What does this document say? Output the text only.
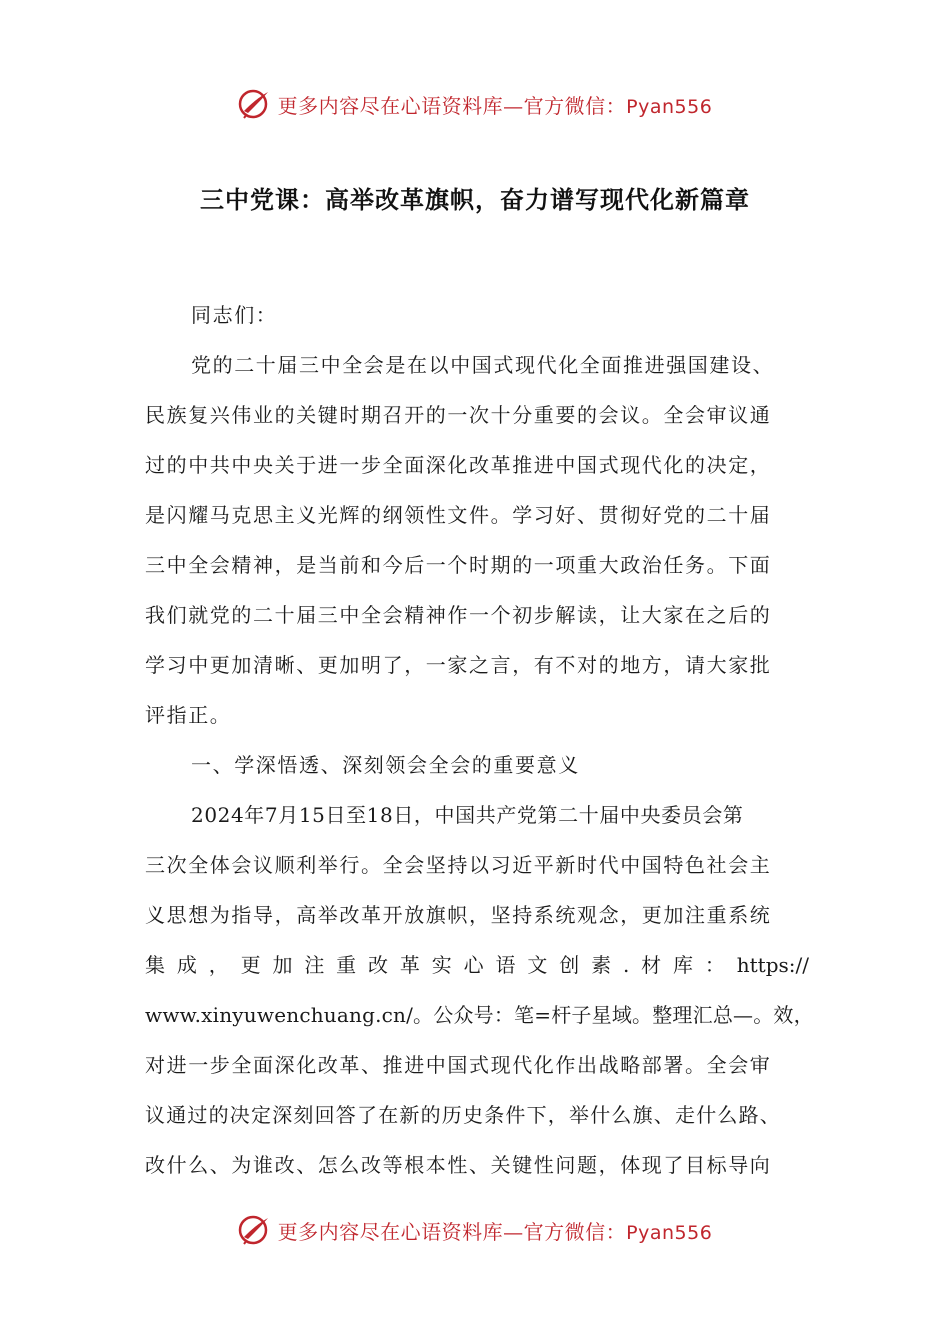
更多内容尽在心语资料库—官方微信：Pyan556
三中党课：高举改革旗帜，奋力谱写现代化新篇章
同志们：
党的二十届三中全会是在以中国式现代化全面推进强国建设、
民族复兴伟业的关键时期召开的一次十分重要的会议。全会审议通
过的中共中央关于进一步全面深化改革推进中国式现代化的决定，
是闪耀马克思主义光辉的纲领性文件。学习好、贯彻好党的二十届
三中全会精神，是当前和今后一个时期的一项重大政治任务。下面
我们就党的二十届三中全会精神作一个初步解读，让大家在之后的
学习中更加清晰、更加明了，一家之言，有不对的地方，请大家批
评指正。
一、学深悟透、深刻领会全会的重要意义
2024年7月15日至18日，中国共产党第二十届中央委员会第
三次全体会议顺利举行。全会坚持以习近平新时代中国特色社会主
义思想为指导，高举改革开放旗帜，坚持系统观念，更加注重系统
集成，更加注重改革实心语文创素.材库：https://
www.xinyuwenchuang.cn/。公众号：笔=杆子星域。整理汇总—。效，
对进一步全面深化改革、推进中国式现代化作出战略部署。全会审
议通过的决定深刻回答了在新的历史条件下，举什么旗、走什么路、
改什么、为谁改、怎么改等根本性、关键性问题，体现了目标导向
更多内容尽在心语资料库—官方微信：Pyan556
